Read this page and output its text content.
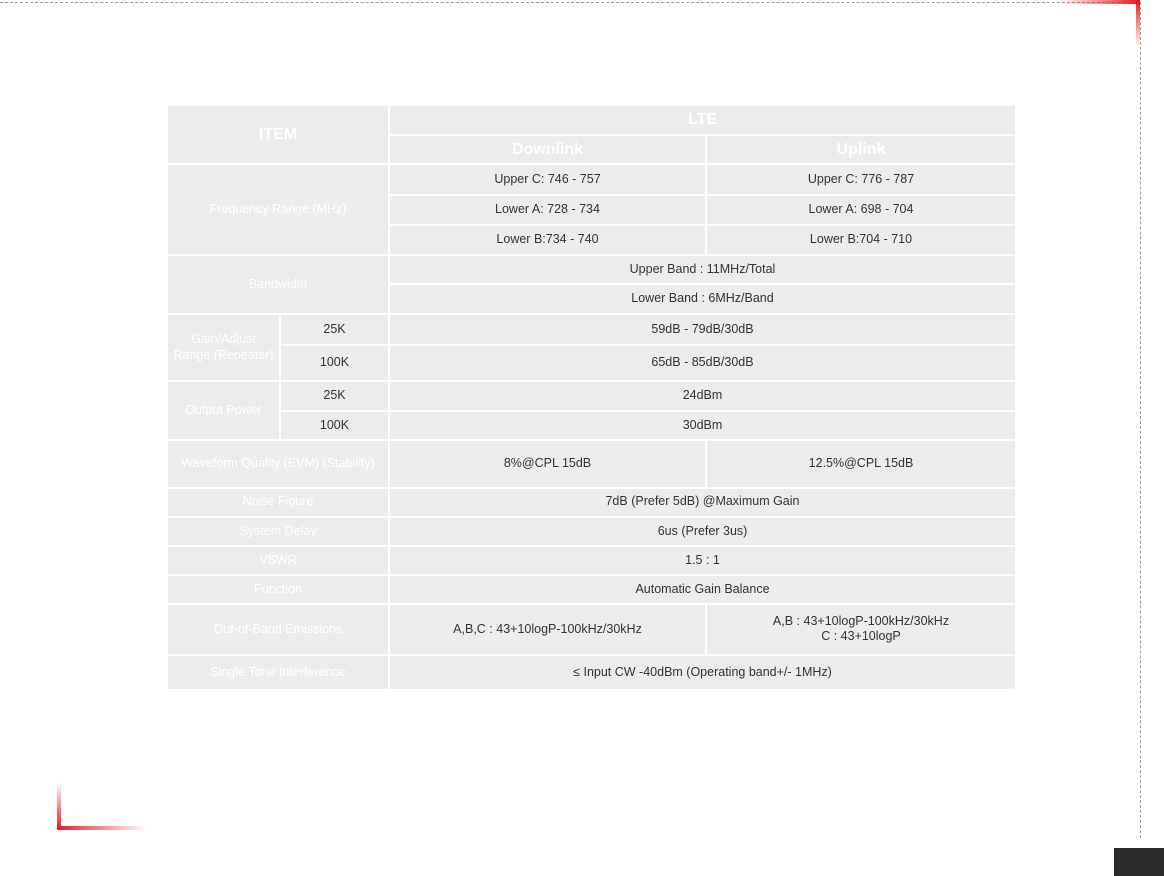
ITEM		LTE	
		Downlink	Uplink
Frequency Range (MHz)		Upper C: 746 - 757	Upper C: 776 - 787
		Lower A: 728 - 734	Lower A: 698 - 704
		Lower B:734 - 740	Lower B:704 - 710
Bandwidth		Upper Band : 11MHz/Total	
		Lower Band : 6MHz/Band	
Gain/Adjust Range (Repeater)	25K	59dB - 79dB/30dB	
	100K	65dB - 85dB/30dB	
Output Power	25K	24dBm	
	100K	30dBm	
Waveform Quality (EVM) (Stability)		8%@CPL 15dB	12.5%@CPL 15dB
Noise Figure		7dB (Prefer 5dB) @Maximum Gain	
System Delay		6us (Prefer 3us)	
VSWR		1.5 : 1	
Function		Automatic Gain Balance	
Out-of-Band Emissions		A,B,C : 43+10logP-100kHz/30kHz	A,B : 43+10logP-100kHz/30kHz
C : 43+10logP

Single Tone Interference		≤ Input CW -40dBm (Operating band+/- 1MHz)	
